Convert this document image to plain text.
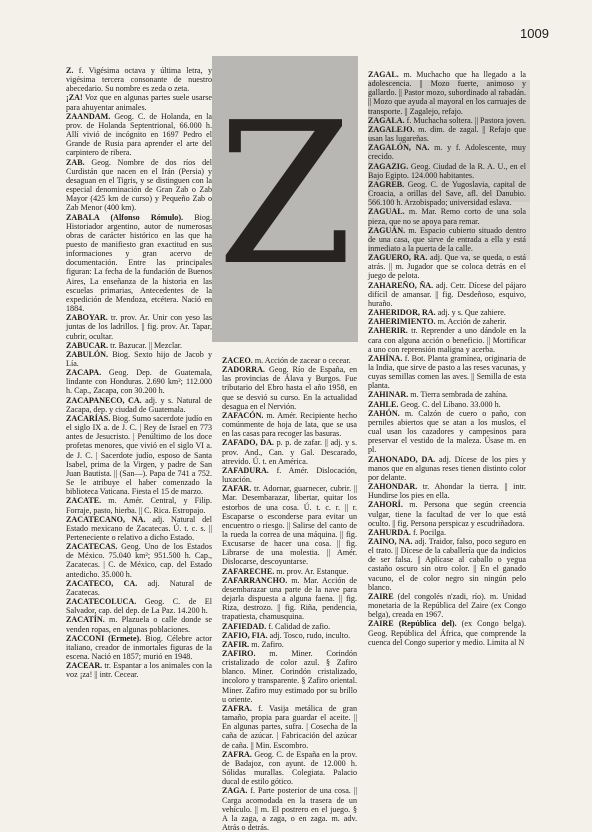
1009
Z

Z. f. Vigésima octava y última letra, y vigésima tercera consonante de nuestro abecedario. Su nombre es zeda o zeta.

¡ZA! Voz que en algunas partes suele usarse para ahuyentar animales.

ZAANDAM. Geog. C. de Holanda, en la prov. de Holanda Septentrional, 66.000 h. Allí vivió de incógnito en 1697 Pedro el Grande de Rusia para aprender el arte del carpintero de ribera.

ZAB. Geog. Nombre de dos ríos del Curdistán que nacen en el Irán (Persia) y desaguan en el Tigris, y se distinguen con la especial denominación de Gran Zab o Zab Mayor (425 km de curso) y Pequeño Zab o Zab Menor (400 km).

ZABALA (Alfonso Rómulo). Biog. Historiador argentino, autor de numerosas obras de carácter histórico en las que ha puesto de manifiesto gran exactitud en sus informaciones y gran acervo de documentación. Entre las principales figuran: La fecha de la fundación de Buenos Aires, La enseñanza de la historia en las escuelas primarias, Antecedentes de la expedición de Mendoza, etcétera. Nació en 1884.

ZABOYAR. tr. prov. Ar. Unir con yeso las juntas de los ladrillos. || fig. prov. Ar. Tapar, cubrir, ocultar.

ZABUCAR. tr. Bazucar. || Mezclar.

ZABULÓN. Biog. Sexto hijo de Jacob y Lía.

ZACAPA. Geog. Dep. de Guatemala, lindante con Honduras. 2.690 km²; 112.000 h. Cap., Zacapa, con 30.200 h.

ZACAPANECO, CA. adj. y s. Natural de Zacapa, dep. y ciudad de Guatemala.

ZACARÍAS. Biog. Sumo sacerdote judío en el siglo IX a. de J. C. | Rey de Israel en 773 antes de Jesucristo. | Penúltimo de los doce profetas menores, que vivió en el siglo VI a. de J. C. | Sacerdote judío, esposo de Santa Isabel, prima de la Virgen, y padre de San Juan Bautista. || (San—). Papa de 741 a 752. Se le atribuye el haber comenzado la biblioteca Vaticana. Fiesta el 15 de marzo.

ZACATE. m. Amér. Central, y Filip. Forraje, pasto, hierba. || C. Rica. Estropajo.

ZACATECANO, NA. adj. Natural del Estado mexicano de Zacatecas. Ú. t. c. s. || Perteneciente o relativo a dicho Estado.

ZACATECAS. Geog. Uno de los Estados de México. 75.040 km²; 951.500 h. Cap., Zacatecas. | C. de México, cap. del Estado antedicho. 35.000 h.

ZACATECO, CA. adj. Natural de Zacatecas.

ZACATECOLUCA. Geog. C. de El Salvador, cap. del dep. de La Paz. 14.200 h.

ZACATÍN. m. Plazuela o calle donde se venden ropas, en algunas poblaciones.

ZACCONI (Ermete). Biog. Célebre actor italiano, creador de inmortales figuras de la escena. Nació en 1857; murió en 1948.

ZACEAR. tr. Espantar a los animales con la voz ¡za! || intr. Cecear.

ZACEO. m. Acción de zacear o cecear.

ZADORRA. Geog. Río de España, en las provincias de Álava y Burgos. Fue tributario del Ebro hasta el año 1958, en que se desvió su curso. En la actualidad desagua en el Nervión.

ZAFACÓN. m. Amér. Recipiente hecho comúnmente de hoja de lata, que se usa en las casas para recoger las basuras.

ZAFADO, DA. p. p. de zafar. || adj. y s. prov. And., Can. y Gal. Descarado, atrevido. Ú. t. en América.

ZAFADURA. f. Amér. Dislocación, luxación.

ZAFAR. tr. Adornar, guarnecer, cubrir. || Mar. Desembarazar, libertar, quitar los estorbos de una cosa. Ú. t. c. r. || r. Escaparse o esconderse para evitar un encuentro o riesgo. || Salirse del canto de la rueda la correa de una máquina. || fig. Excusarse de hacer una cosa. || fig. Librarse de una molestia. || Amér. Dislocarse, descoyuntarse.

ZAFARECHE. m. prov. Ar. Estanque.

ZAFARRANCHO. m. Mar. Acción de desembarazar una parte de la nave para dejarla dispuesta a alguna faena. || fig. Riza, destrozo. || fig. Riña, pendencia, trapatiesta, chamusquina.

ZAFIEDAD. f. Calidad de zafio.

ZAFIO, FIA. adj. Tosco, rudo, inculto.

ZAFIR. m. Zafiro.

ZAFIRO. m. Miner. Corindón cristalizado de color azul. § Zafiro blanco. Miner. Corindón cristalizado, incoloro y transparente. § Zafiro oriental. Miner. Zafiro muy estimado por su brillo u oriente.

ZAFRA. f. Vasija metálica de gran tamaño, propia para guardar el aceite. || En algunas partes, sufra. | Cosecha de la caña de azúcar. | Fabricación del azúcar de caña. || Min. Escombro.

ZAFRA. Geog. C. de España en la prov. de Badajoz, con ayunt. de 12.000 h. Sólidas murallas. Colegiata. Palacio ducal de estilo gótico.

ZAGA. f. Parte posterior de una cosa. || Carga acomodada en la trasera de un vehículo. || m. El postrero en el juego. § A la zaga, a zaga, o en zaga. m. adv. Atrás o detrás.

ZAGAL. m. Muchacho que ha llegado a la adolescencia. || Mozo fuerte, animoso y gallardo. || Pastor mozo, subordinado al rabadán. || Mozo que ayuda al mayoral en los carruajes de transporte. || Zagalejo, refajo.

ZAGALA. f. Muchacha soltera. || Pastora joven.

ZAGALEJO. m. dim. de zagal. || Refajo que usan las lugareñas.

ZAGALÓN, NA. m. y f. Adolescente, muy crecido.

ZAGAZIG. Geog. Ciudad de la R. A. U., en el Bajo Egipto. 124.000 habitantes.

ZAGREB. Geog. C. de Yugoslavia, capital de Croacia, a orillas del Save, afl. del Danubio. 566.100 h. Arzobispado; universidad eslava.

ZAGUAL. m. Mar. Remo corto de una sola pieza, que no se apoya para remar.

ZAGUÁN. m. Espacio cubierto situado dentro de una casa, que sirve de entrada a ella y está inmediato a la puerta de la calle.

ZAGUERO, RA. adj. Que va, se queda, o está atrás. || m. Jugador que se coloca detrás en el juego de pelota.

ZAHAREÑO, ÑA. adj. Cetr. Dícese del pájaro difícil de amansar. || fig. Desdeñoso, esquivo, huraño.

ZAHERIDOR, RA. adj. y s. Que zahiere.

ZAHERIMIENTO. m. Acción de zaherir.

ZAHERIR. tr. Reprender a uno dándole en la cara con alguna acción o beneficio. || Mortificar a uno con reprensión maligna y acerba.

ZAHÍNA. f. Bot. Planta gramínea, originaria de la India, que sirve de pasto a las reses vacunas, y cuyas semillas comen las aves. || Semilla de esta planta.

ZAHINAR. m. Tierra sembrada de zahína.

ZAHLE. Geog. C. del Líbano. 33.000 h.

ZAHÓN. m. Calzón de cuero o paño, con perniles abiertos que se atan a los muslos, el cual usan los cazadores y campesinos para preservar el vestido de la maleza. Úsase m. en pl.

ZAHONADO, DA. adj. Dícese de los pies y manos que en algunas reses tienen distinto color por delante.

ZAHONDAR. tr. Ahondar la tierra. || intr. Hundirse los pies en ella.

ZAHORÍ. m. Persona que según creencia vulgar, tiene la facultad de ver lo que está oculto. || fig. Persona perspicaz y escudriñadora.

ZAHURDA. f. Pocilga.

ZAINO, NA. adj. Traidor, falso, poco seguro en el trato. || Dícese de la caballería que da indicios de ser falsa. || Aplícase al caballo o yegua castaño oscuro sin otro color. || En el ganado vacuno, el de color negro sin ningún pelo blanco.

ZAIRE (del congolés n'zadi, río). m. Unidad monetaria de la República del Zaire (ex Congo belga), creada en 1967.

ZAIRE (República del). (ex Congo belga). Geog. República del África, que comprende la cuenca del Congo superior y medio. Limita al N
